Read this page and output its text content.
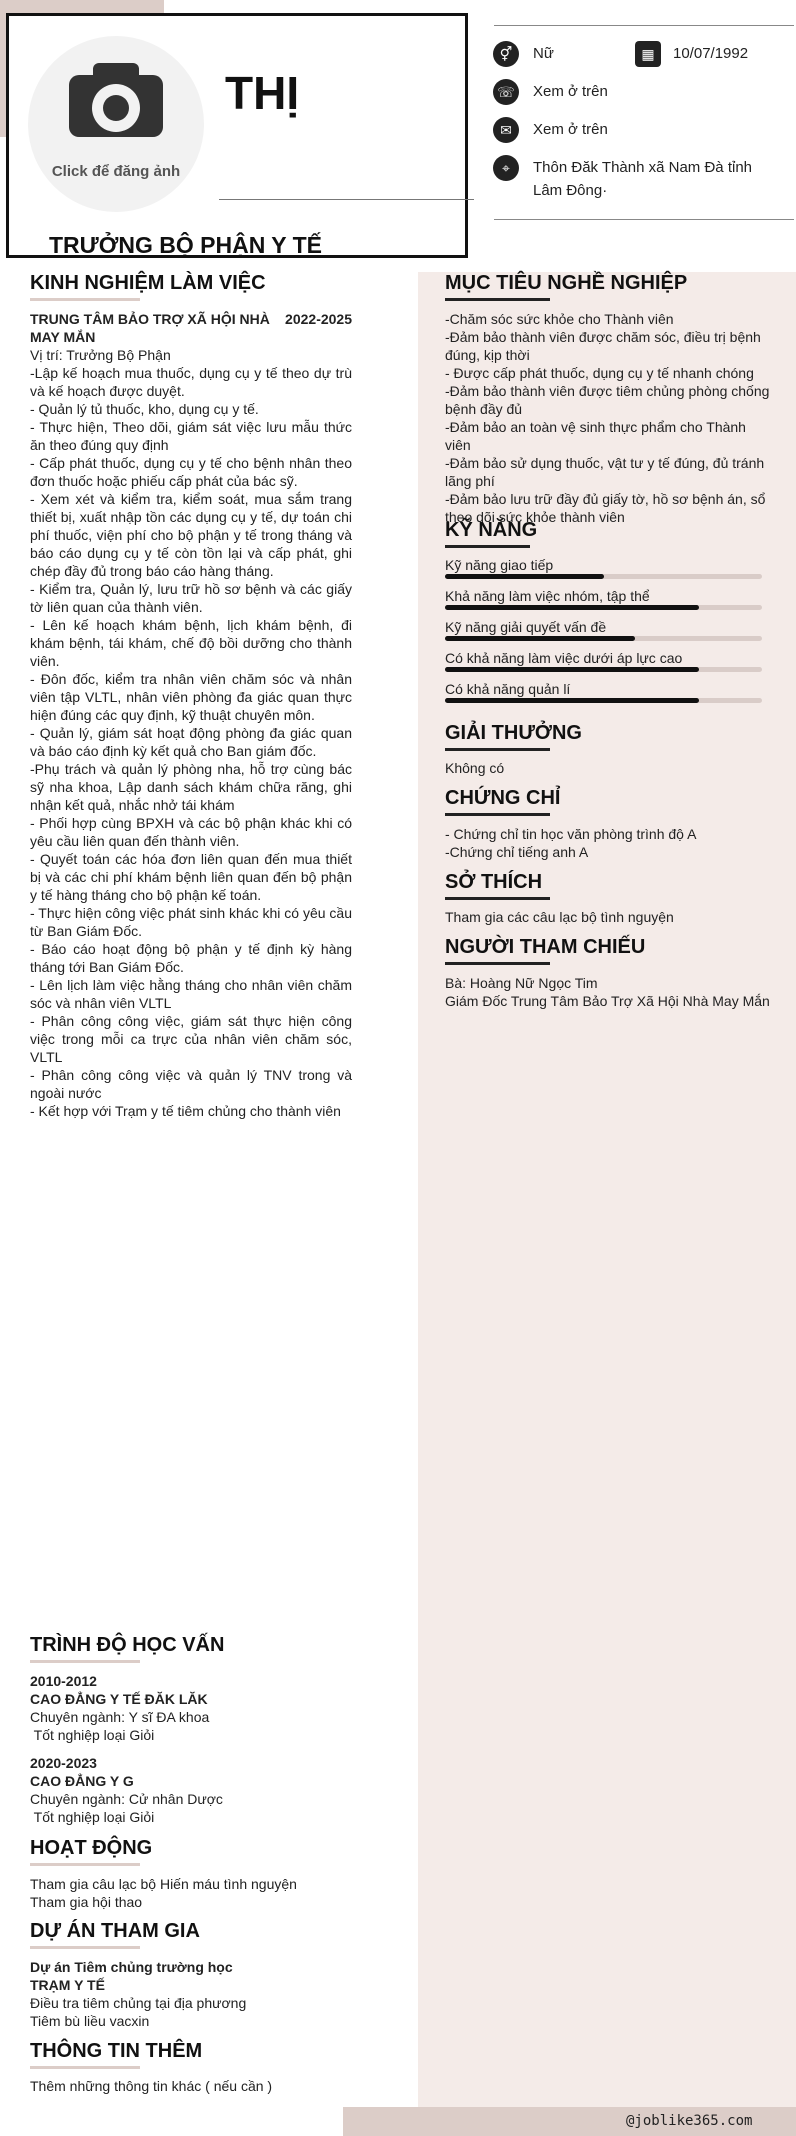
Click để đăng ảnh
THỊ
TRƯỞNG BỘ PHẬN Y TẾ
⚥	Nữ	▦	10/07/1992
☏ Xem ở trên
✉	Xem ở trên
⌖	Thôn Đăk Thành xã Nam Đà tỉnh
Lâm Đông·
KINH NGHIỆM LÀM VIỆC
TRUNG TÂM BẢO TRỢ XÃ HỘI NHÀ 2022-2025

MAY MẮN

Vị trí: Trưởng Bộ Phận

-Lập kế hoạch mua thuốc, dụng cụ y tế theo dự trù và kế hoạch được duyệt.

- Quản lý tủ thuốc, kho, dụng cụ y tế.

- Thực hiện, Theo dõi, giám sát việc lưu mẫu thức ăn theo đúng quy định

- Cấp phát thuốc, dụng cụ y tế cho bệnh nhân theo đơn thuốc hoặc phiếu cấp phát của bác sỹ.

- Xem xét và kiểm tra, kiểm soát, mua sắm trang thiết bị, xuất nhập tồn các dụng cụ y tế, dự toán chi phí thuốc, viện phí cho bộ phận y tế trong tháng và báo cáo dụng cụ y tế còn tồn lại và cấp phát, ghi chép đầy đủ trong báo cáo hàng tháng.

- Kiểm tra, Quản lý, lưu trữ hồ sơ bệnh và các giấy tờ liên quan của thành viên.

- Lên kế hoạch khám bệnh, lịch khám bệnh, đi khám bệnh, tái khám, chế độ bồi dưỡng cho thành viên.

- Đôn đốc, kiểm tra nhân viên chăm sóc và nhân viên tập VLTL, nhân viên phòng đa giác quan thực hiện đúng các quy định, kỹ thuật chuyên môn.

- Quản lý, giám sát hoạt động phòng đa giác quan và báo cáo định kỳ kết quả cho Ban giám đốc.

-Phụ trách và quản lý phòng nha, hỗ trợ cùng bác sỹ nha khoa, Lập danh sách khám chữa răng, ghi nhận kết quả, nhắc nhở tái khám

- Phối hợp cùng BPXH và các bộ phận khác khi có yêu cầu liên quan đến thành viên.

- Quyết toán các hóa đơn liên quan đến mua thiết bị và các chi phí khám bệnh liên quan đến bộ phận y tế hàng tháng cho bộ phận kế toán.

- Thực hiện công việc phát sinh khác khi có yêu cầu từ Ban Giám Đốc.

- Báo cáo hoạt động bộ phận y tế định kỳ hàng tháng tới Ban Giám Đốc.

- Lên lịch làm việc hằng tháng cho nhân viên chăm sóc và nhân viên VLTL

- Phân công công việc, giám sát thực hiện công việc trong mỗi ca trực của nhân viên chăm sóc, VLTL

- Phân công công việc và quản lý TNV trong và ngoài nước

- Kết hợp với Trạm y tế tiêm chủng cho thành viên

MỤC TIÊU NGHỀ NGHIỆP

-Chăm sóc sức khỏe cho Thành viên

-Đảm bảo thành viên được chăm sóc, điều trị bệnh đúng, kịp thời

- Được cấp phát thuốc, dụng cụ y tế nhanh chóng

-Đảm bảo thành viên được tiêm chủng phòng chống bệnh đầy đủ

-Đảm bảo an toàn vệ sinh thực phẩm cho Thành viên

-Đảm bảo sử dụng thuốc, vật tư y tế đúng, đủ tránh lãng phí

-Đảm bảo lưu trữ đầy đủ giấy tờ, hồ sơ bệnh án, sổ theo dõi sức khỏe thành viên

KỸ NĂNG
Kỹ năng giao tiếp
Khả năng làm việc nhóm, tập thể
Kỹ năng giải quyết vấn đề
Có khả năng làm việc dưới áp lực cao
Có khả năng quản lí
GIẢI THƯỞNG
Không có
CHỨNG CHỈ

- Chứng chỉ tin học văn phòng trình độ A

-Chứng chỉ tiếng anh A

SỞ THÍCH
Tham gia các câu lạc bộ tình nguyện
NGƯỜI THAM CHIẾU

Bà: Hoàng Nữ Ngọc Tim

Giám Đốc Trung Tâm Bảo Trợ Xã Hội Nhà May Mắn

TRÌNH ĐỘ HỌC VẤN

2010-2012

CAO ĐẲNG Y TẾ ĐĂK LĂK

Chuyên ngành: Y sĩ ĐA khoa

Tốt nghiệp loại Giỏi

2020-2023

CAO ĐẲNG Y G

Chuyên ngành: Cử nhân Dược

Tốt nghiệp loại Giỏi

HOẠT ĐỘNG

Tham gia câu lạc bộ Hiến máu tình nguyện

Tham gia hội thao

DỰ ÁN THAM GIA

Dự án Tiêm chủng trường học

TRẠM Y TẾ

Điều tra tiêm chủng tại địa phương

Tiêm bù liều vacxin

THÔNG TIN THÊM
Thêm những thông tin khác ( nếu cần )
@joblike365.com
